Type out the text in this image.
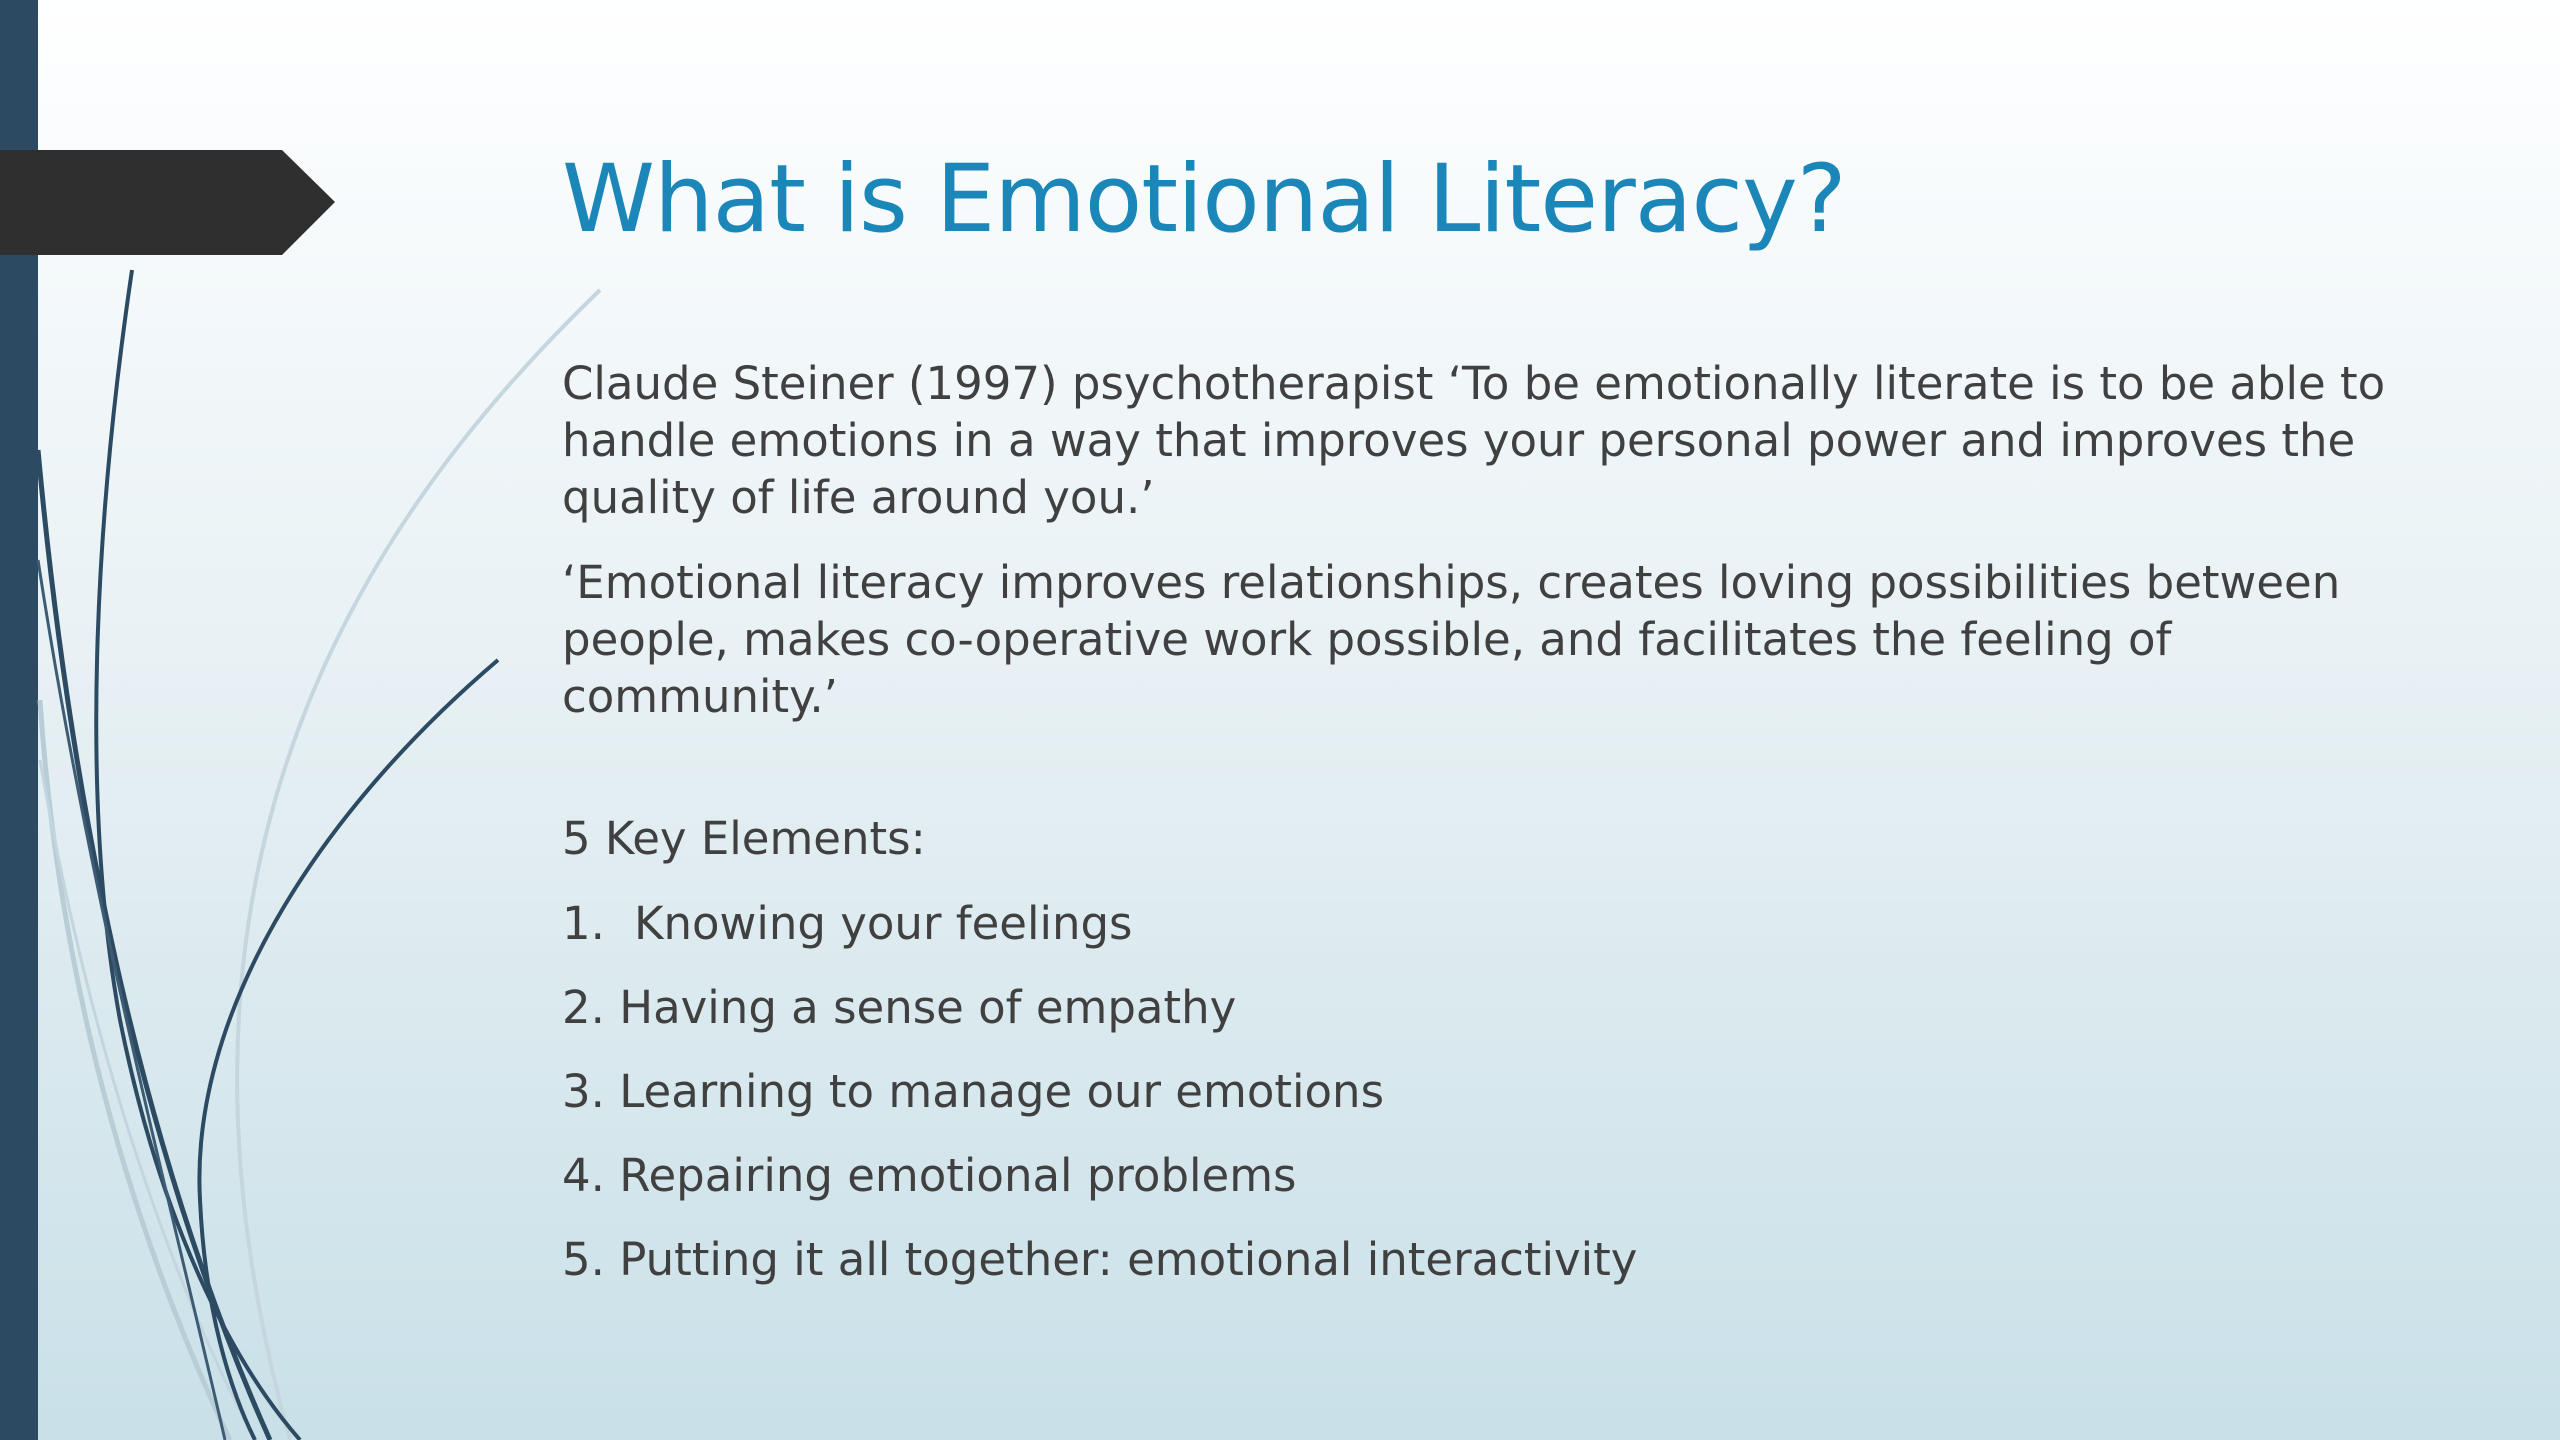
What is Emotional Literacy?

Claude Steiner (1997) psychotherapist ‘To be emotionally literate is to be able to handle emotions in a way that improves your personal power and improves the quality of life around you.’

‘Emotional literacy improves relationships, creates loving possibilities between people, makes co-operative work possible, and facilitates the feeling of community.’

5 Key Elements:

1. Knowing your feelings

2. Having a sense of empathy

3. Learning to manage our emotions

4. Repairing emotional problems

5. Putting it all together: emotional interactivity
